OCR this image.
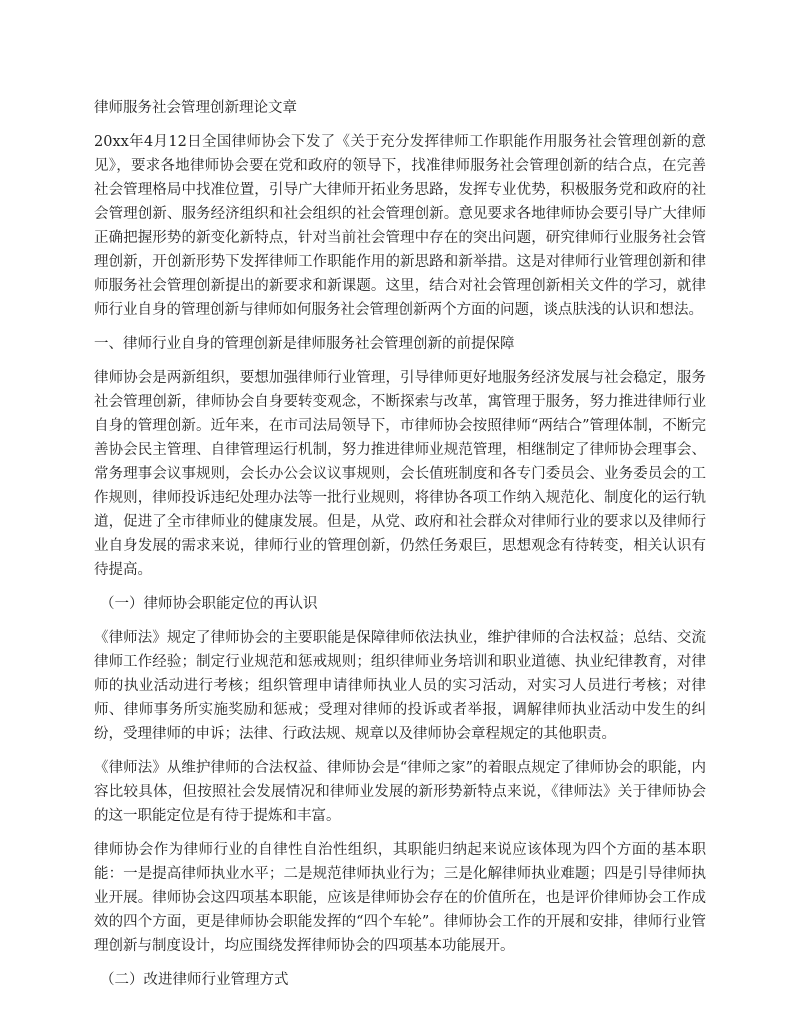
律师服务社会管理创新理论文章

20xx年4月12日全国律师协会下发了《关于充分发挥律师工作职能作用服务社会管理创新的意见》，要求各地律师协会要在党和政府的领导下，找准律师服务社会管理创新的结合点，在完善社会管理格局中找准位置，引导广大律师开拓业务思路，发挥专业优势，积极服务党和政府的社会管理创新、服务经济组织和社会组织的社会管理创新。意见要求各地律师协会要引导广大律师正确把握形势的新变化新特点，针对当前社会管理中存在的突出问题，研究律师行业服务社会管理创新，开创新形势下发挥律师工作职能作用的新思路和新举措。这是对律师行业管理创新和律师服务社会管理创新提出的新要求和新课题。这里，结合对社会管理创新相关文件的学习，就律师行业自身的管理创新与律师如何服务社会管理创新两个方面的问题，谈点肤浅的认识和想法。

一、律师行业自身的管理创新是律师服务社会管理创新的前提保障

律师协会是两新组织，要想加强律师行业管理，引导律师更好地服务经济发展与社会稳定，服务社会管理创新，律师协会自身要转变观念，不断探索与改革，寓管理于服务，努力推进律师行业自身的管理创新。近年来，在市司法局领导下，市律师协会按照律师“两结合”管理体制，不断完善协会民主管理、自律管理运行机制，努力推进律师业规范管理，相继制定了律师协会理事会、常务理事会议事规则，会长办公会议议事规则，会长值班制度和各专门委员会、业务委员会的工作规则，律师投诉违纪处理办法等一批行业规则，将律协各项工作纳入规范化、制度化的运行轨道，促进了全市律师业的健康发展。但是，从党、政府和社会群众对律师行业的要求以及律师行业自身发展的需求来说，律师行业的管理创新，仍然任务艰巨，思想观念有待转变，相关认识有待提高。

（一）律师协会职能定位的再认识

《律师法》规定了律师协会的主要职能是保障律师依法执业，维护律师的合法权益；总结、交流律师工作经验；制定行业规范和惩戒规则；组织律师业务培训和职业道德、执业纪律教育，对律师的执业活动进行考核；组织管理申请律师执业人员的实习活动，对实习人员进行考核；对律师、律师事务所实施奖励和惩戒；受理对律师的投诉或者举报，调解律师执业活动中发生的纠纷，受理律师的申诉；法律、行政法规、规章以及律师协会章程规定的其他职责。

《律师法》从维护律师的合法权益、律师协会是“律师之家”的着眼点规定了律师协会的职能，内容比较具体，但按照社会发展情况和律师业发展的新形势新特点来说，《律师法》关于律师协会的这一职能定位是有待于提炼和丰富。

律师协会作为律师行业的自律性自治性组织，其职能归纳起来说应该体现为四个方面的基本职能：一是提高律师执业水平；二是规范律师执业行为；三是化解律师执业难题；四是引导律师执业开展。律师协会这四项基本职能，应该是律师协会存在的价值所在，也是评价律师协会工作成效的四个方面，更是律师协会职能发挥的“四个车轮”。律师协会工作的开展和安排，律师行业管理创新与制度设计，均应围绕发挥律师协会的四项基本功能展开。

（二）改进律师行业管理方式
